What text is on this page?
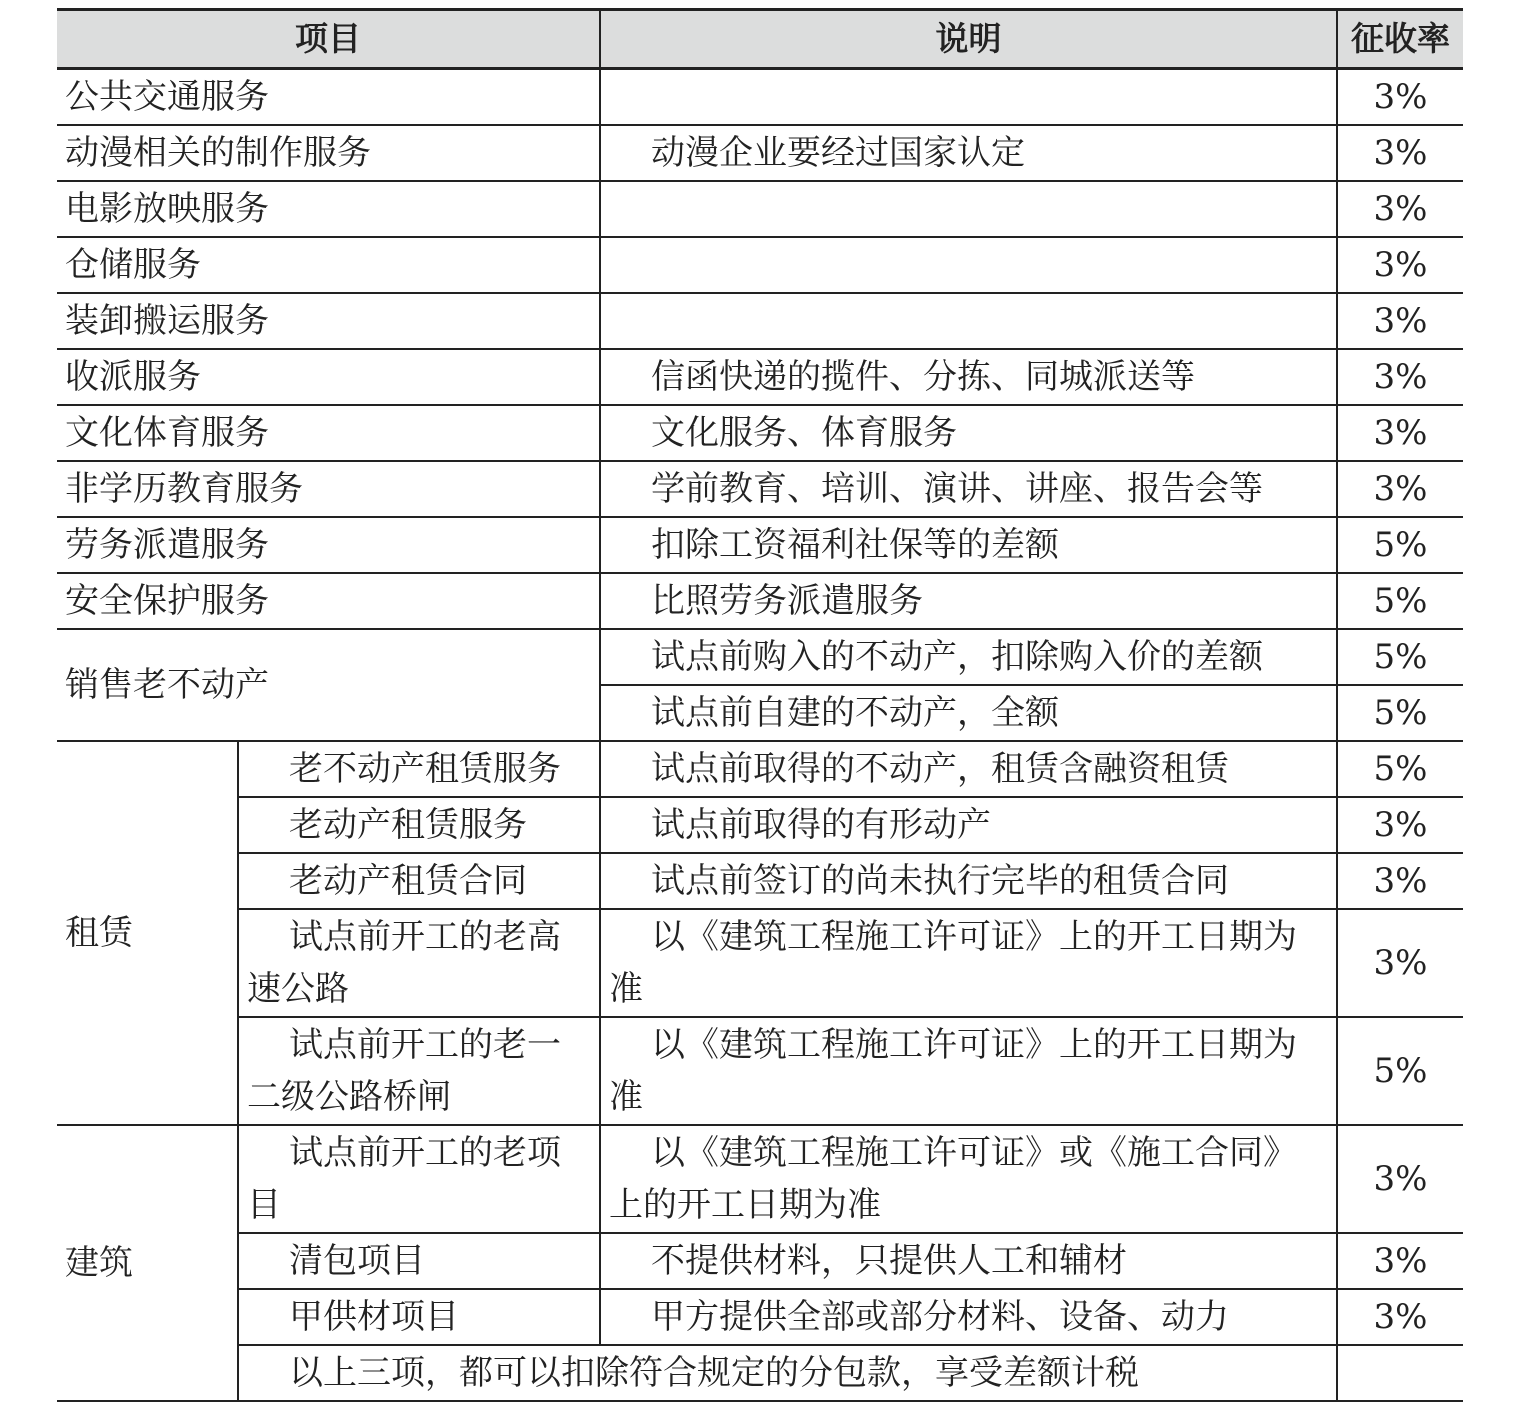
项目		说明	征收率
公共交通服务			3%
动漫相关的制作服务		动漫企业要经过国家认定	3%
电影放映服务			3%
仓储服务			3%
装卸搬运服务			3%
收派服务		信函快递的揽件、分拣、同城派送等	3%
文化体育服务		文化服务、体育服务	3%
非学历教育服务		学前教育、培训、演讲、讲座、报告会等	3%
劳务派遣服务		扣除工资福利社保等的差额	5%
安全保护服务		比照劳务派遣服务	5%
销售老不动产		试点前购入的不动产，扣除购入价的差额	5%
		试点前自建的不动产，全额	5%
租赁	老不动产租赁服务	试点前取得的不动产，租赁含融资租赁	5%
	老动产租赁服务	试点前取得的有形动产	3%
	老动产租赁合同	试点前签订的尚未执行完毕的租赁合同	3%
	试点前开工的老高速公路	以《建筑工程施工许可证》上的开工日期为准	3%
	试点前开工的老一二级公路桥闸	以《建筑工程施工许可证》上的开工日期为准	5%
建筑	试点前开工的老项目	以《建筑工程施工许可证》或《施工合同》上的开工日期为准	3%
	清包项目	不提供材料，只提供人工和辅材	3%
	甲供材项目	甲方提供全部或部分材料、设备、动力	3%
	以上三项，都可以扣除符合规定的分包款，享受差额计税		
